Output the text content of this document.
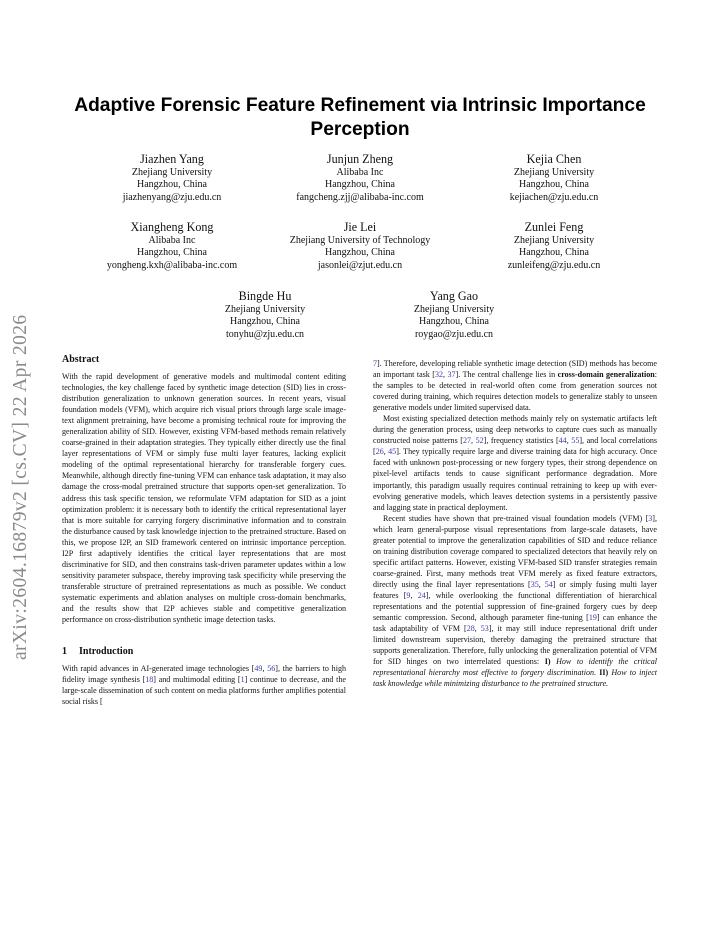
arXiv:2604.16879v2 [cs.CV] 22 Apr 2026
Adaptive Forensic Feature Refinement via Intrinsic Importance Perception
Jiazhen Yang
Zhejiang University
Hangzhou, China
jiazhenyang@zju.edu.cn
Junjun Zheng
Alibaba Inc
Hangzhou, China
fangcheng.zjj@alibaba-inc.com
Kejia Chen
Zhejiang University
Hangzhou, China
kejiachen@zju.edu.cn
Xiangheng Kong
Alibaba Inc
Hangzhou, China
yongheng.kxh@alibaba-inc.com
Jie Lei
Zhejiang University of Technology
Hangzhou, China
jasonlei@zjut.edu.cn
Zunlei Feng
Zhejiang University
Hangzhou, China
zunleifeng@zju.edu.cn
Bingde Hu
Zhejiang University
Hangzhou, China
tonyhu@zju.edu.cn
Yang Gao
Zhejiang University
Hangzhou, China
roygao@zju.edu.cn
Abstract

With the rapid development of generative models and multimodal content editing technologies, the key challenge faced by synthetic image detection (SID) lies in cross-distribution generalization to unknown generation sources. In recent years, visual foundation models (VFM), which acquire rich visual priors through large scale image-text alignment pretraining, have become a promising technical route for improving the generalization ability of SID. However, existing VFM-based methods remain relatively coarse-grained in their adaptation strategies. They typically either directly use the final layer representations of VFM or simply fuse multi layer features, lacking explicit modeling of the optimal representational hierarchy for transferable forgery cues. Meanwhile, although directly fine-tuning VFM can enhance task adaptation, it may also damage the cross-modal pretrained structure that supports open-set generalization. To address this task specific tension, we reformulate VFM adaptation for SID as a joint optimization problem: it is necessary both to identify the critical representational layer that is more suitable for carrying forgery discriminative information and to constrain the disturbance caused by task knowledge injection to the pretrained structure. Based on this, we propose I2P, an SID framework centered on intrinsic importance perception. I2P first adaptively identifies the critical layer representations that are most discriminative for SID, and then constrains task-driven parameter updates within a low sensitivity parameter subspace, thereby improving task specificity while preserving the transferable structure of pretrained representations as much as possible. We conduct systematic experiments and ablation analyses on multiple cross-domain benchmarks, and the results show that I2P achieves stable and competitive generalization performance on cross-distribution synthetic image detection tasks.

1 Introduction

With rapid advances in AI-generated image technologies [49, 56], the barriers to high fidelity image synthesis [18] and multimodal editing [1] continue to decrease, and the large-scale dissemination of such content on media platforms further amplifies potential social risks [

7]. Therefore, developing reliable synthetic image detection (SID) methods has become an important task [32, 37]. The central challenge lies in cross-domain generalization: the samples to be detected in real-world often come from generation sources not covered during training, which requires detection models to generalize stably to unseen generative models under limited supervised data.

Most existing specialized detection methods mainly rely on systematic artifacts left during the generation process, using deep networks to capture cues such as manually constructed noise patterns [27, 52], frequency statistics [44, 55], and local correlations [26, 45]. They typically require large and diverse training data for high accuracy. Once faced with unknown post-processing or new forgery types, their strong dependence on pixel-level artifacts tends to cause significant performance degradation. More importantly, this paradigm usually requires continual retraining to keep up with ever-evolving generative models, which leaves detection systems in a persistently passive and lagging state in practical deployment.

Recent studies have shown that pre-trained visual foundation models (VFM) [3], which learn general-purpose visual representations from large-scale datasets, have greater potential to improve the generalization capabilities of SID and reduce reliance on training distribution coverage compared to specialized detectors that heavily rely on specific artifact patterns. However, existing VFM-based SID transfer strategies remain coarse-grained. First, many methods treat VFM merely as fixed feature extractors, directly using the final layer representations [35, 54] or simply fusing multi layer features [9, 24], while overlooking the functional differentiation of hierarchical representations and the potential suppression of fine-grained forgery cues by deep semantic compression. Second, although parameter fine-tuning [19] can enhance the task adaptability of VFM [28, 53], it may still induce representational drift under limited downstream supervision, thereby damaging the pretrained structure that supports generalization. Therefore, fully unlocking the generalization potential of VFM for SID hinges on two interrelated questions: I) How to identify the critical representational hierarchy most effective to forgery discrimination. II) How to inject task knowledge while minimizing disturbance to the pretrained structure.
